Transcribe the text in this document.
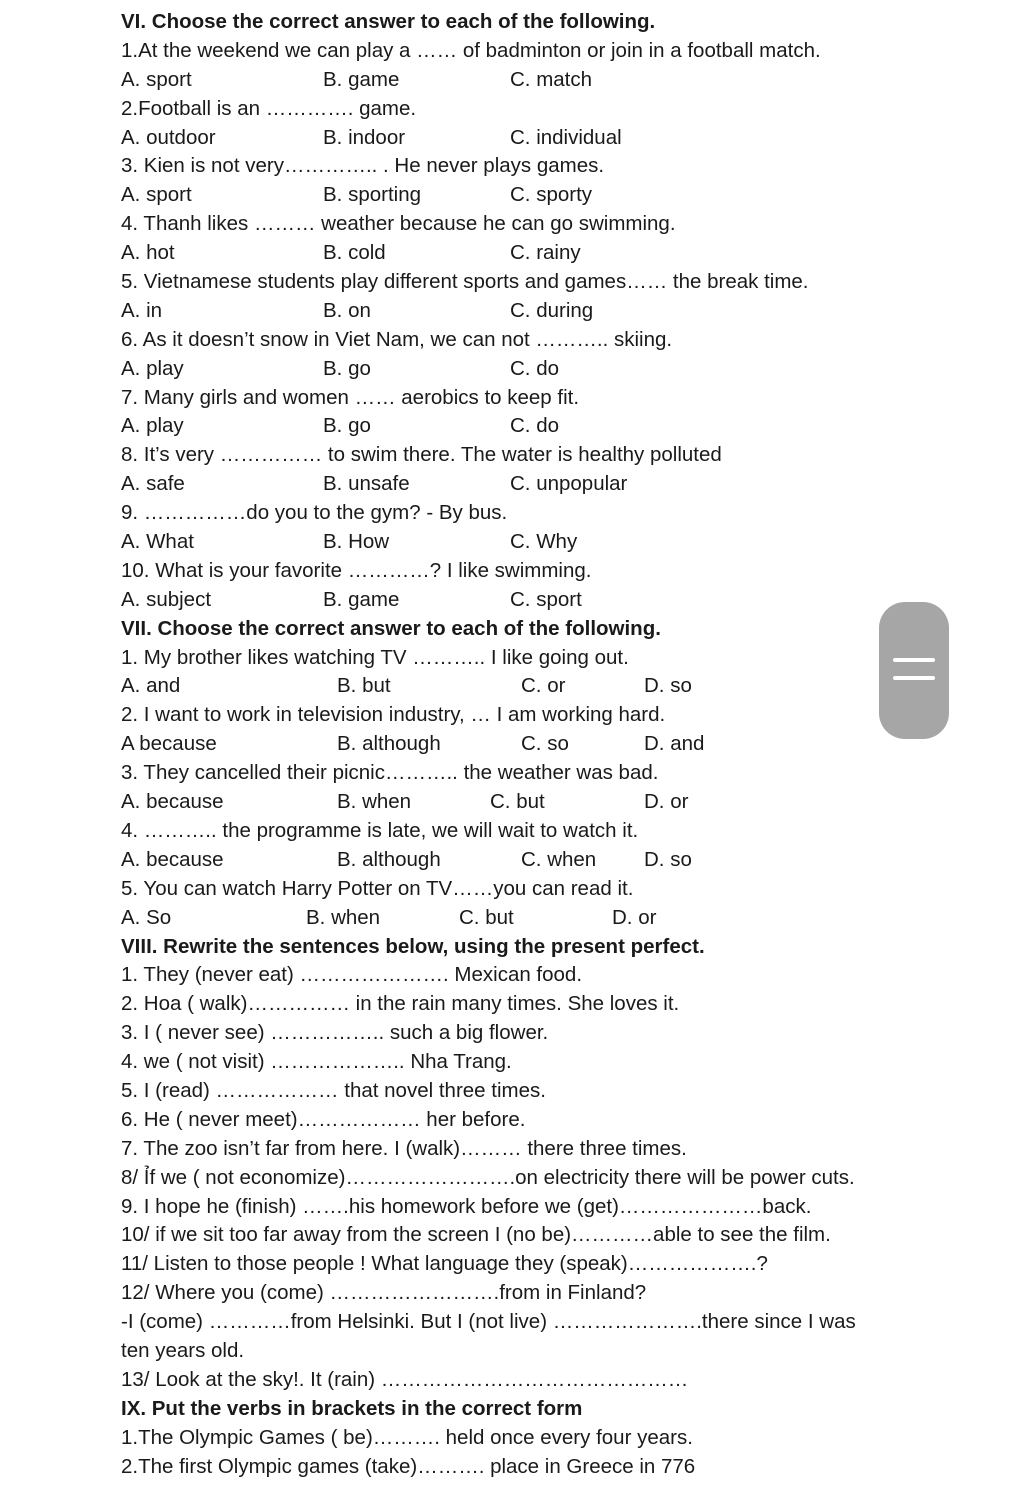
VI. Choose the correct answer to each of the following.
1.At the weekend we can play a …… of badminton or join in a football match.
A. sport	B. game	C. match
2.Football is an …………. game.
A. outdoor	B. indoor	C. individual
3. Kien is not very………….. . He never plays games.
A. sport	B. sporting	C. sporty
4. Thanh likes ……… weather because he can go swimming.
A. hot	B. cold	C. rainy
5. Vietnamese students play different sports and games…… the break time.
A. in	B. on	C. during
6. As it doesn’t snow in Viet Nam, we can not ……….. skiing.
A. play	B. go	C. do
7. Many girls and women …… aerobics to keep fit.
A. play	B. go	C. do
8. It’s very …………… to swim there. The water is healthy polluted
A. safe	B. unsafe	C. unpopular
9. ……………do you to the gym? - By bus.
A. What	B. How	C. Why
10. What is your favorite …………? I like swimming.
A. subject	B. game	C. sport
VII. Choose the correct answer to each of the following.
1. My brother likes watching TV ……….. I like going out.
A. and	B. but	C. or	D. so
2. I want to work in television industry, … I am working hard.
A because	B. although	C. so	D. and
3. They cancelled their picnic……….. the weather was bad.
A. because	B. when	C. but	D. or
4. ……….. the programme is late, we will wait to watch it.
A. because	B. although	C. when D. so
5. You can watch Harry Potter on TV……you can read it.
A. So	B. when	C. but	D. or
VIII. Rewrite the sentences below, using the present perfect.
1. They (never eat) …………………. Mexican food.
2. Hoa ( walk)…………… in the rain many times. She loves it.
3. I ( never see) …………….. such a big flower.
4. we ( not visit) ……………….. Nha Trang.
5. I (read) ……………… that novel three times.
6. He ( never meet)……………… her before.
7. The zoo isn’t far from here. I (walk)……… there three times.
8/ Ỉf we ( not economize)…………………….on electricity there will be power cuts.
9. I hope he (finish) …….his homework before we (get)…………………back.
10/ if we sit too far away from the screen I (no be)…………able to see the film.
11/ Listen to those people ! What language they (speak)……………….?
12/ Where you (come) …………………….from in Finland?
-I (come) …………from Helsinki. But I (not live) ………………….there since I was ten years old.
13/ Look at the sky!. It (rain) ………………………………………
IX. Put the verbs in brackets in the correct form
1.The Olympic Games ( be)………. held once every four years.
2.The first Olympic games (take)………. place in Greece in 776
